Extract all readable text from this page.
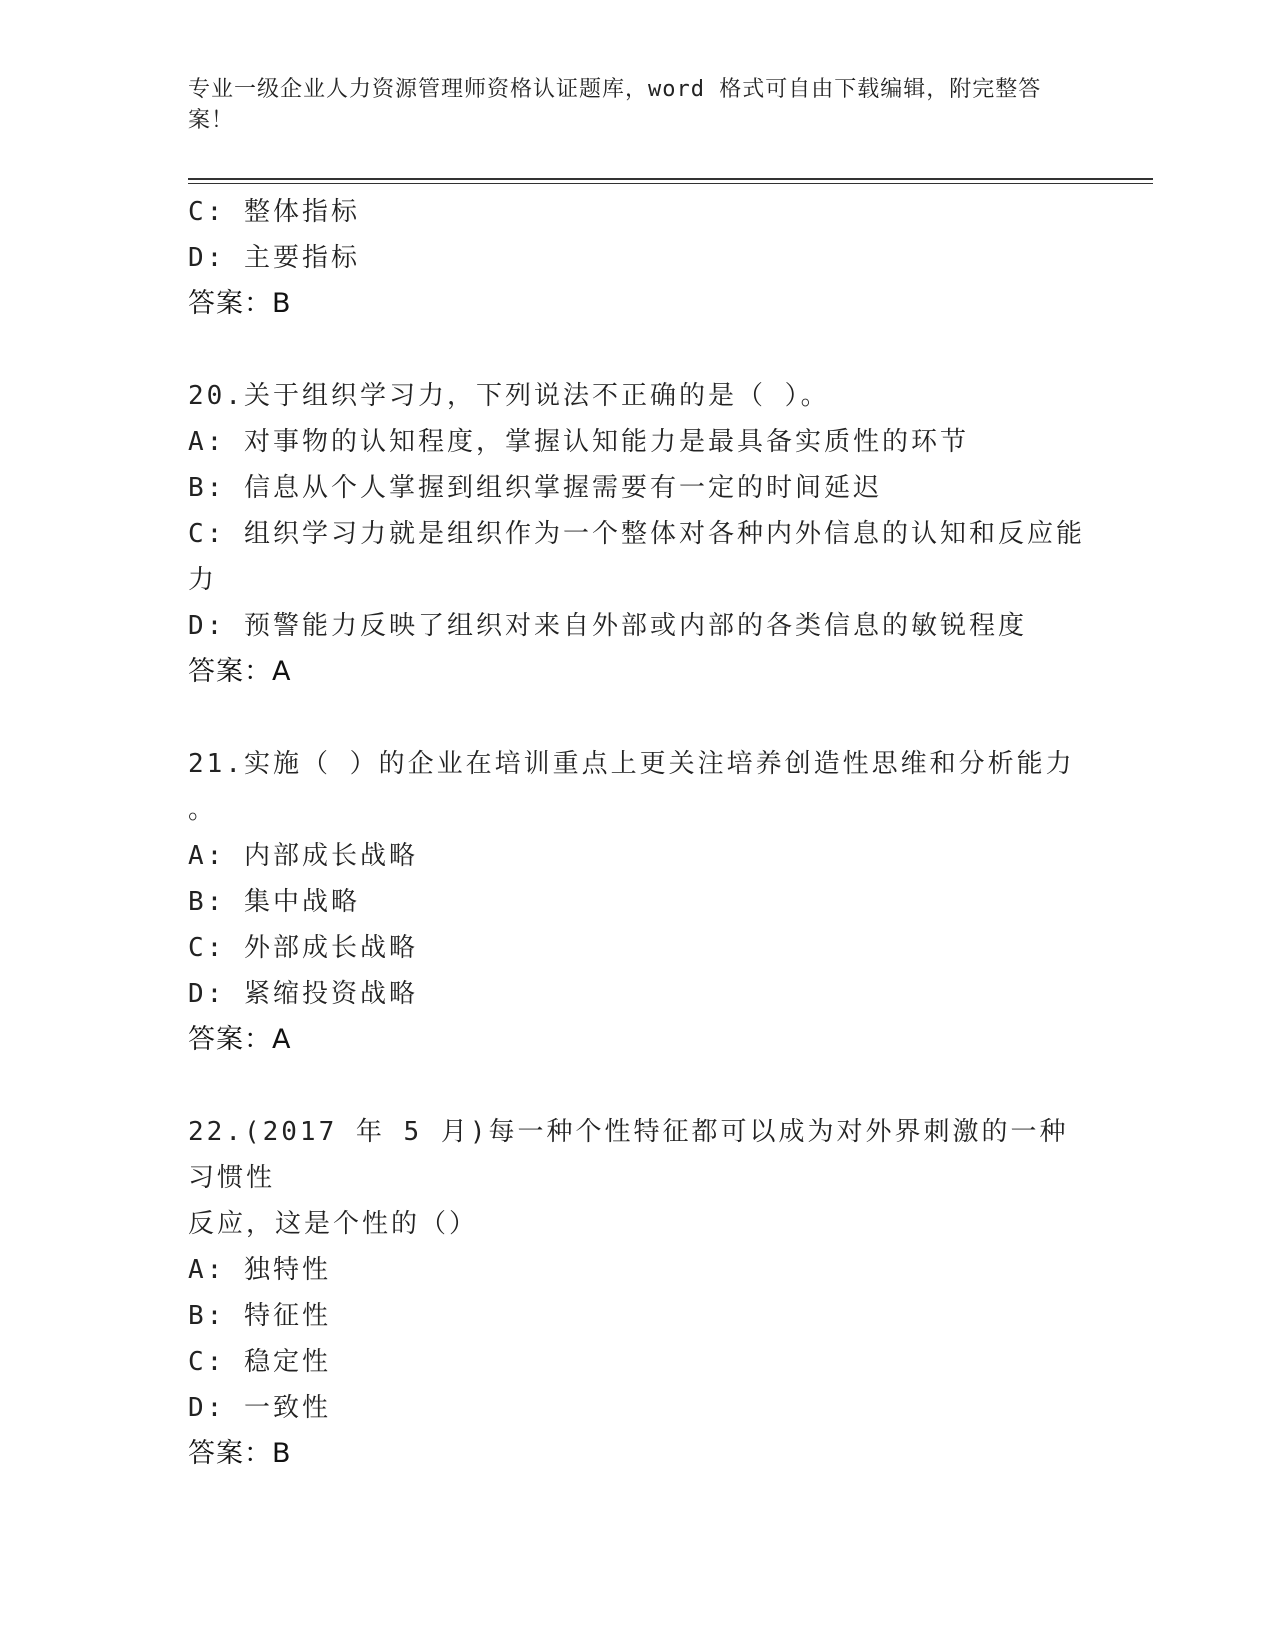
专业一级企业人力资源管理师资格认证题库，word 格式可自由下载编辑，附完整答案！
C: 整体指标
D: 主要指标
答案：B
20.关于组织学习力，下列说法不正确的是（ ）。
A: 对事物的认知程度，掌握认知能力是最具备实质性的环节
B: 信息从个人掌握到组织掌握需要有一定的时间延迟
C: 组织学习力就是组织作为一个整体对各种内外信息的认知和反应能
力
D: 预警能力反映了组织对来自外部或内部的各类信息的敏锐程度
答案：A
21.实施（ ）的企业在培训重点上更关注培养创造性思维和分析能力
。
A: 内部成长战略
B: 集中战略
C: 外部成长战略
D: 紧缩投资战略
答案：A
22.(2017 年 5 月)每一种个性特征都可以成为对外界刺激的一种习惯性
反应，这是个性的（）
A: 独特性
B: 特征性
C: 稳定性
D: 一致性
答案：B
